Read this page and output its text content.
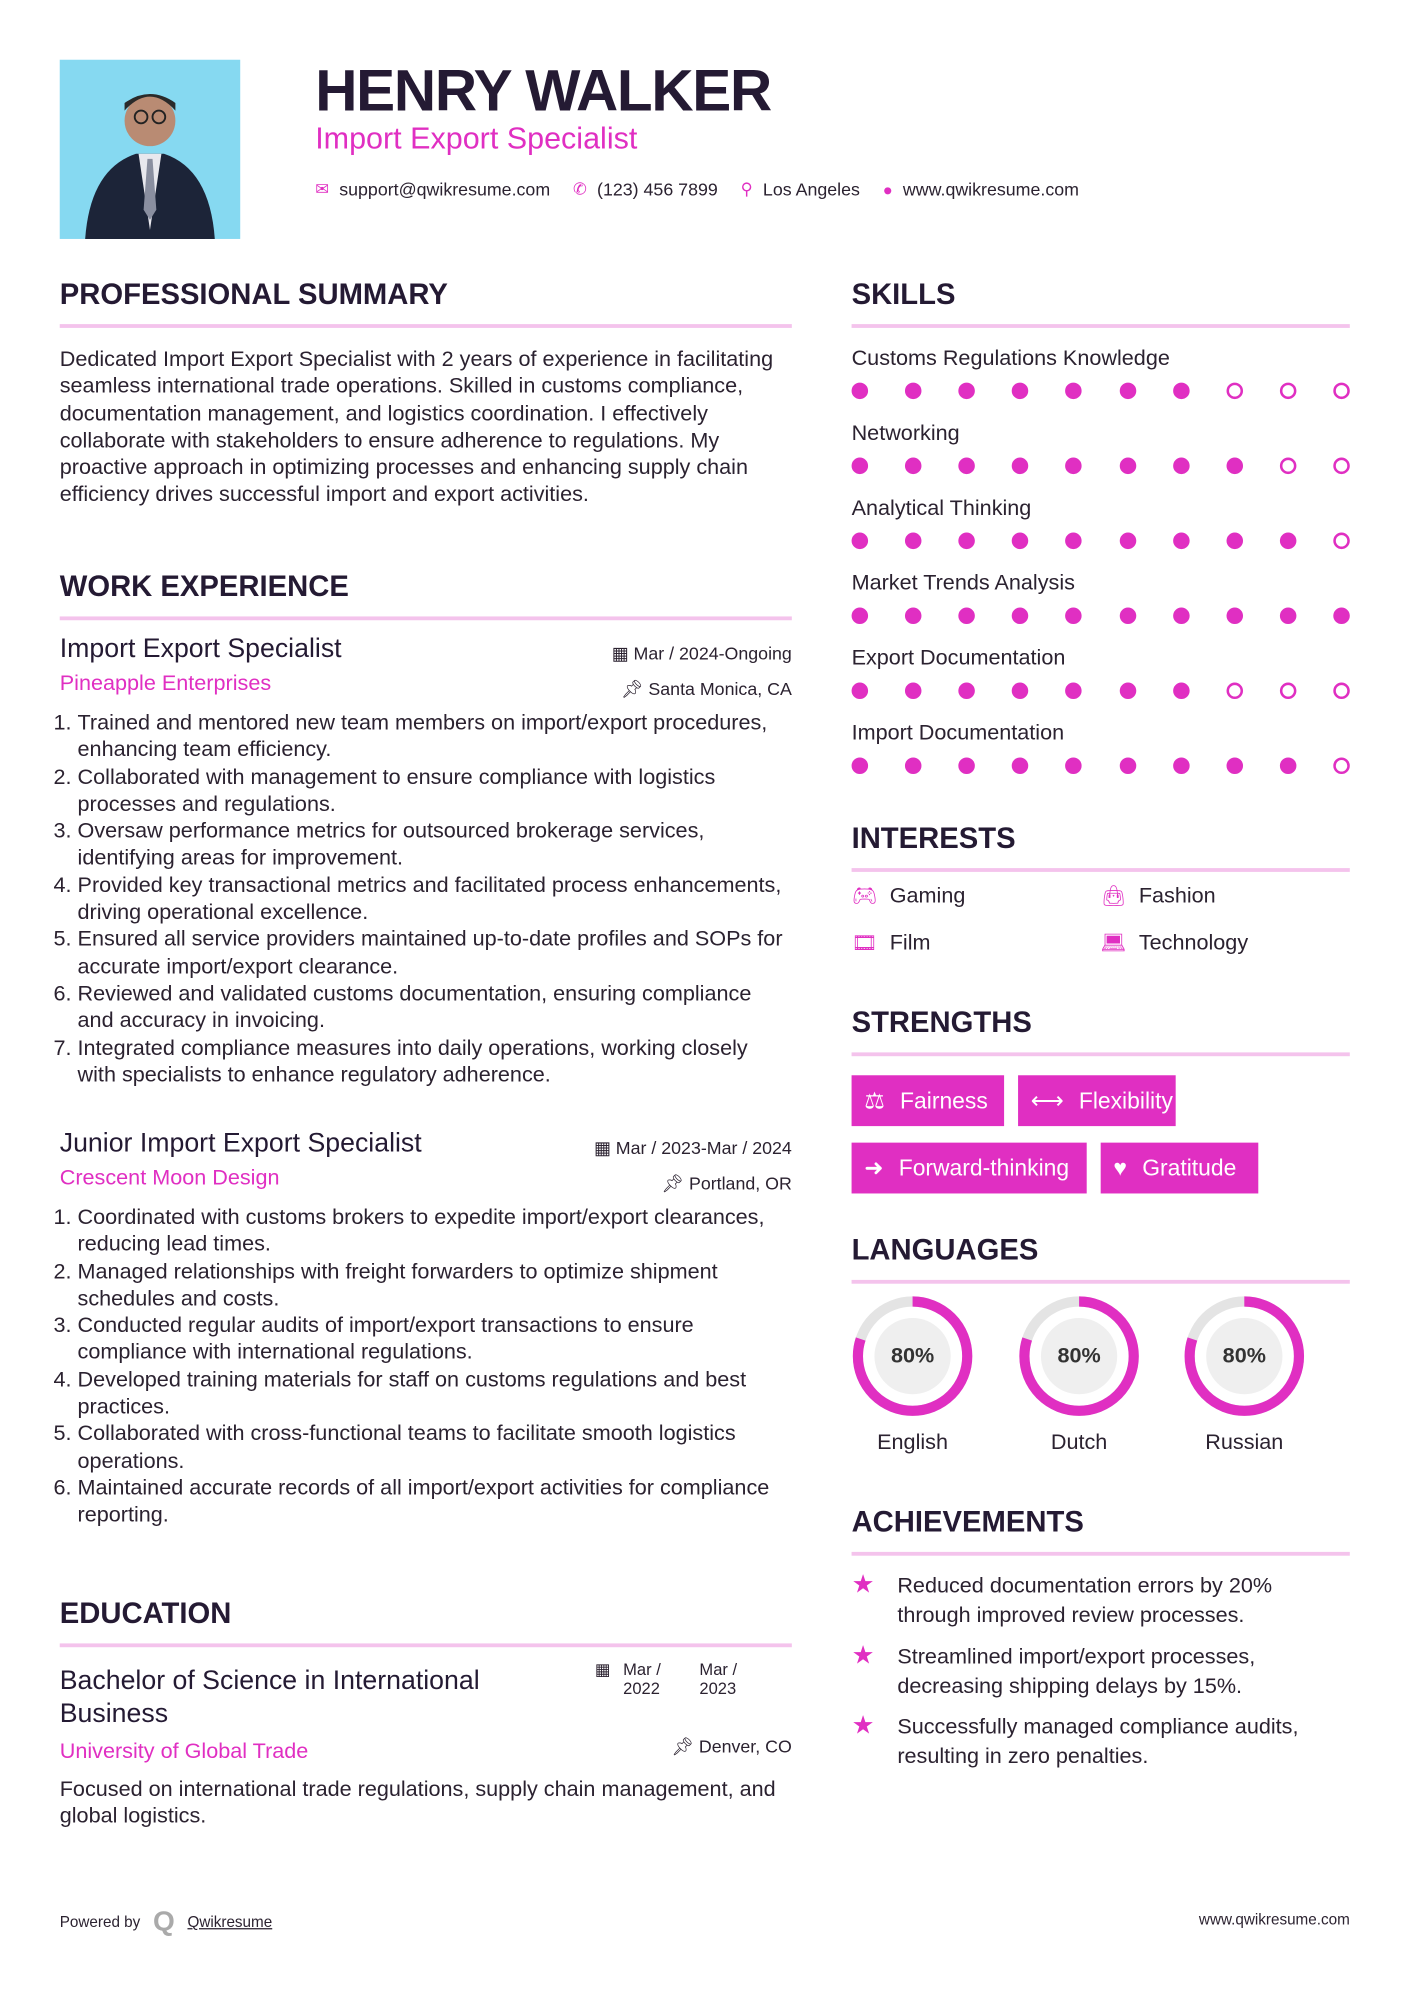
HENRY WALKER
Import Export Specialist
✉ support@qwikresume.com ✆ (123) 456 7899 ⚲ Los Angeles ● www.qwikresume.com
PROFESSIONAL SUMMARY

Dedicated Import Export Specialist with 2 years of experience in facilitating seamless international trade operations. Skilled in customs compliance, documentation management, and logistics coordination. I effectively collaborate with stakeholders to ensure adherence to regulations. My proactive approach in optimizing processes and enhancing supply chain efficiency drives successful import and export activities.

WORK EXPERIENCE
Import Export Specialist	▦ Mar / 2024-Ongoing
Pineapple Enterprises	📌︎ Santa Monica, CA
1. Trained and mentored new team members on import/export procedures, enhancing team efficiency.
2. Collaborated with management to ensure compliance with logistics processes and regulations.
3. Oversaw performance metrics for outsourced brokerage services, identifying areas for improvement.
4. Provided key transactional metrics and facilitated process enhancements, driving operational excellence.
5. Ensured all service providers maintained up-to-date profiles and SOPs for accurate import/export clearance.
6. Reviewed and validated customs documentation, ensuring compliance and accuracy in invoicing.
7. Integrated compliance measures into daily operations, working closely with specialists to enhance regulatory adherence.
Junior Import Export Specialist	▦ Mar / 2023-Mar / 2024
Crescent Moon Design	📌︎ Portland, OR
1. Coordinated with customs brokers to expedite import/export clearances, reducing lead times.
2. Managed relationships with freight forwarders to optimize shipment schedules and costs.
3. Conducted regular audits of import/export transactions to ensure compliance with international regulations.
4. Developed training materials for staff on customs regulations and best practices.
5. Collaborated with cross-functional teams to facilitate smooth logistics operations.
6. Maintained accurate records of all import/export activities for compliance reporting.
EDUCATION
Bachelor of Science in International Business
▦ Mar / 2022
Mar / 2023
University of Global Trade	📌︎ Denver, CO

Focused on international trade regulations, supply chain management, and global logistics.

SKILLS
Customs Regulations Knowledge
Networking
Analytical Thinking
Market Trends Analysis
Export Documentation
Import Documentation
INTERESTS
🎮︎ Gaming	👜︎ Fashion
🎞︎ Film	💻︎ Technology
STRENGTHS
⚖ Fairness ⟷ Flexibility
➜ Forward-thinking ♥ Gratitude
LANGUAGES
80%
English
80%
Dutch
80%
Russian
ACHIEVEMENTS
★	Reduced documentation errors by 20% through improved review processes.
★	Streamlined import/export processes, decreasing shipping delays by 15%.
★	Successfully managed compliance audits, resulting in zero penalties.
Powered by Q Qwikresume	www.qwikresume.com
